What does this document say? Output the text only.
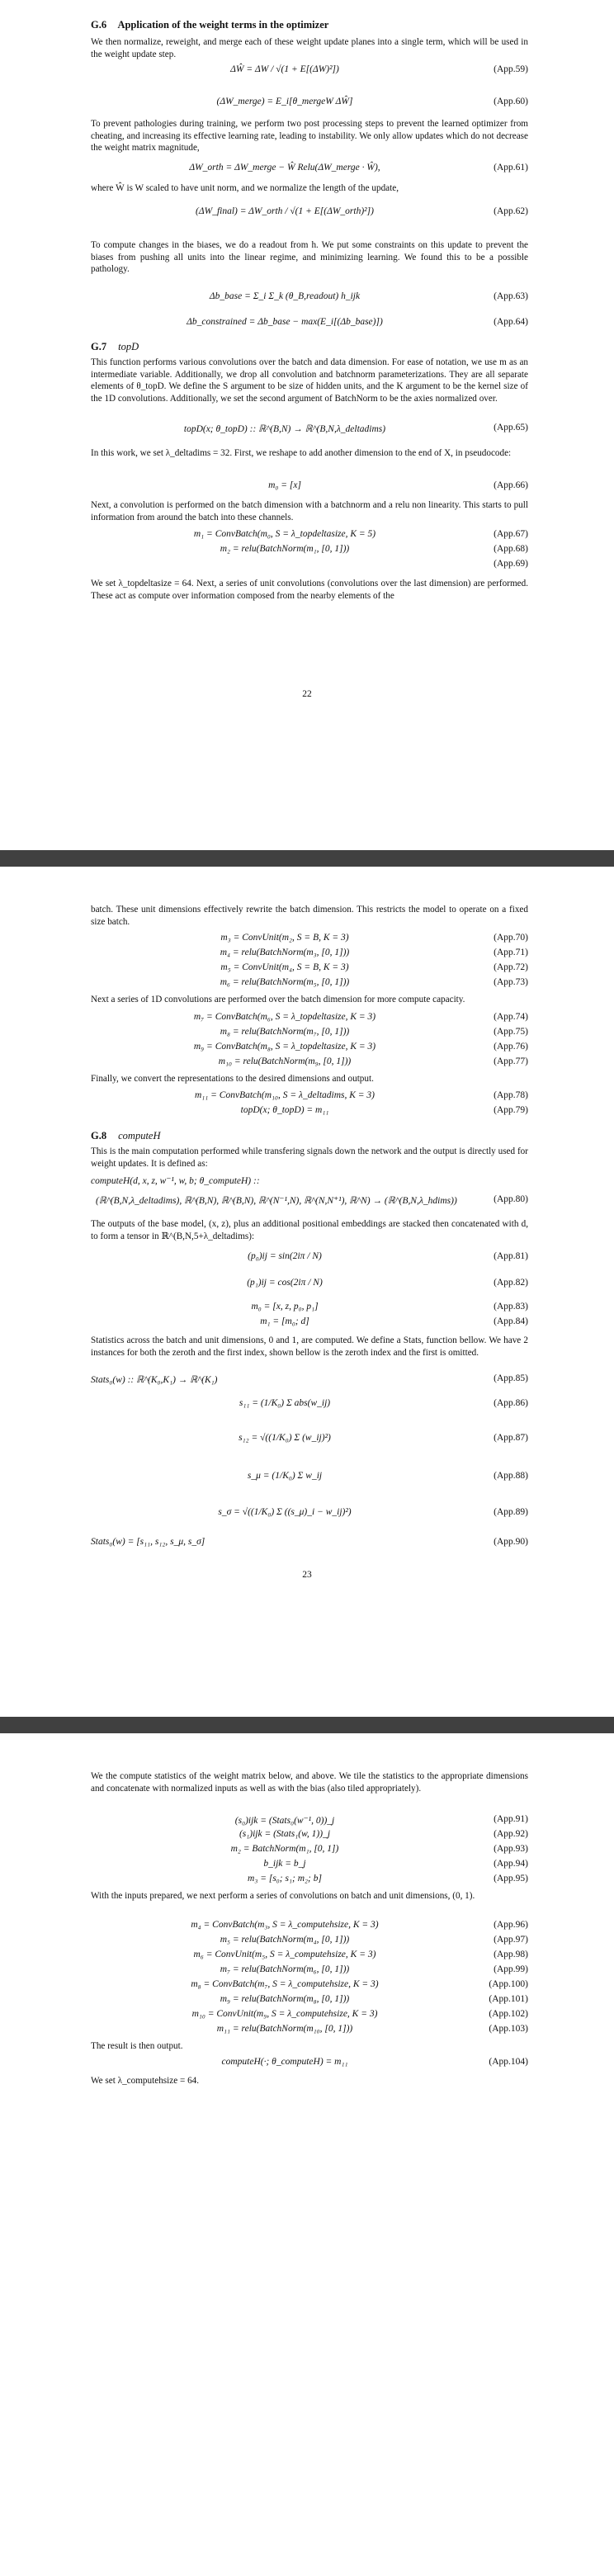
G.6 Application of the weight terms in the optimizer
We then normalize, reweight, and merge each of these weight update planes into a single term, which will be used in the weight update step.
ΔŴ = ΔW / √(1 + E[(ΔW)²])	(App.59)
(ΔW_merge) = E_i[θ_mergeW ΔŴ]	(App.60)
To prevent pathologies during training, we perform two post processing steps to prevent the learned optimizer from cheating, and increasing its effective learning rate, leading to instability. We only allow updates which do not decrease the weight matrix magnitude,
ΔW_orth = ΔW_merge − Ŵ Relu(ΔW_merge · Ŵ),	(App.61)
where Ŵ is W scaled to have unit norm, and we normalize the length of the update,
(ΔW_final) = ΔW_orth / √(1 + E[(ΔW_orth)²])	(App.62)
To compute changes in the biases, we do a readout from h. We put some constraints on this update to prevent the biases from pushing all units into the linear regime, and minimizing learning. We found this to be a possible pathology.
Δb_base = Σ_i Σ_k (θ_B,readout) h_ijk	(App.63)
Δb_constrained = Δb_base − max(E_i[(Δb_base)])	(App.64)
G.7 topD
This function performs various convolutions over the batch and data dimension. For ease of notation, we use m as an intermediate variable. Additionally, we drop all convolution and batchnorm parameterizations. They are all separate elements of θ_topD. We define the S argument to be size of hidden units, and the K argument to be the kernel size of the 1D convolutions. Additionally, we set the second argument of BatchNorm to be the axies normalized over.
topD(x; θ_topD) :: ℝ^(B,N) → ℝ^(B,N,λ_deltadims)	(App.65)
In this work, we set λ_deltadims = 32. First, we reshape to add another dimension to the end of X, in pseudocode:
m₀ = [x]	(App.66)
Next, a convolution is performed on the batch dimension with a batchnorm and a relu non linearity. This starts to pull information from around the batch into these channels.
m₁ = ConvBatch(m₀, S = λ_topdeltasize, K = 5)	(App.67)
m₂ = relu(BatchNorm(m₁, [0, 1]))	(App.68)
(App.69)
We set λ_topdeltasize = 64. Next, a series of unit convolutions (convolutions over the last dimension) are performed. These act as compute over information composed from the nearby elements of the
22
batch. These unit dimensions effectively rewrite the batch dimension. This restricts the model to operate on a fixed size batch.
m₃ = ConvUnit(m₂, S = B, K = 3)	(App.70)
m₄ = relu(BatchNorm(m₃, [0, 1]))	(App.71)
m₅ = ConvUnit(m₄, S = B, K = 3)	(App.72)
m₆ = relu(BatchNorm(m₅, [0, 1]))	(App.73)
Next a series of 1D convolutions are performed over the batch dimension for more compute capacity.
m₇ = ConvBatch(m₆, S = λ_topdeltasize, K = 3)	(App.74)
m₈ = relu(BatchNorm(m₇, [0, 1]))	(App.75)
m₉ = ConvBatch(m₈, S = λ_topdeltasize, K = 3)	(App.76)
m₁₀ = relu(BatchNorm(m₉, [0, 1]))	(App.77)
Finally, we convert the representations to the desired dimensions and output.
m₁₁ = ConvBatch(m₁₀, S = λ_deltadims, K = 3)	(App.78)
topD(x; θ_topD) = m₁₁	(App.79)
G.8 computeH
This is the main computation performed while transfering signals down the network and the output is directly used for weight updates. It is defined as:
computeH(d, x, z, w⁻¹, w, b; θ_computeH) ::
(ℝ^(B,N,λ_deltadims), ℝ^(B,N), ℝ^(B,N), ℝ^(N⁻¹,N), ℝ^(N,N⁺¹), ℝ^N) → (ℝ^(B,N,λ_hdims))	(App.80)
The outputs of the base model, (x, z), plus an additional positional embeddings are stacked then concatenated with d, to form a tensor in ℝ^(B,N,5+λ_deltadims):
(p₀)ij = sin(2iπ / N)	(App.81)
(p₁)ij = cos(2iπ / N)	(App.82)
m₀ = [x, z, p₀, p₁]	(App.83)
m₁ = [m₀; d]	(App.84)
Statistics across the batch and unit dimensions, 0 and 1, are computed. We define a Stats, function bellow. We have 2 instances for both the zeroth and the first index, shown bellow is the zeroth index and the first is omitted.
Stats₀(w) :: ℝ^(K₀,K₁) → ℝ^(K₁)	(App.85)
s₁₁ = (1/K₀) Σ abs(w_ij)	(App.86)
s₁₂ = √((1/K₀) Σ (w_ij)²)	(App.87)
s_μ = (1/K₀) Σ w_ij	(App.88)
s_σ = √((1/K₀) Σ ((s_μ)_i − w_ij)²)	(App.89)
Stats₀(w) = [s₁₁, s₁₂, s_μ, s_σ]	(App.90)
23
We the compute statistics of the weight matrix below, and above. We tile the statistics to the appropriate dimensions and concatenate with normalized inputs as well as with the bias (also tiled appropriately).
(s₀)ijk = (Stats₀(w⁻¹, 0))_j	(App.91)
(s₁)ijk = (Stats₁(w, 1))_j	(App.92)
m₂ = BatchNorm(m₁, [0, 1])	(App.93)
b_ijk = b_j	(App.94)
m₃ = [s₀; s₁; m₂; b]	(App.95)
With the inputs prepared, we next perform a series of convolutions on batch and unit dimensions, (0, 1).
m₄ = ConvBatch(m₃, S = λ_computehsize, K = 3)	(App.96)
m₅ = relu(BatchNorm(m₄, [0, 1]))	(App.97)
m₆ = ConvUnit(m₅, S = λ_computehsize, K = 3)	(App.98)
m₇ = relu(BatchNorm(m₆, [0, 1]))	(App.99)
m₈ = ConvBatch(m₇, S = λ_computehsize, K = 3)	(App.100)
m₉ = relu(BatchNorm(m₈, [0, 1]))	(App.101)
m₁₀ = ConvUnit(m₉, S = λ_computehsize, K = 3)	(App.102)
m₁₁ = relu(BatchNorm(m₁₀, [0, 1]))	(App.103)
The result is then output.
computeH(·; θ_computeH) = m₁₁	(App.104)
We set λ_computehsize = 64.
